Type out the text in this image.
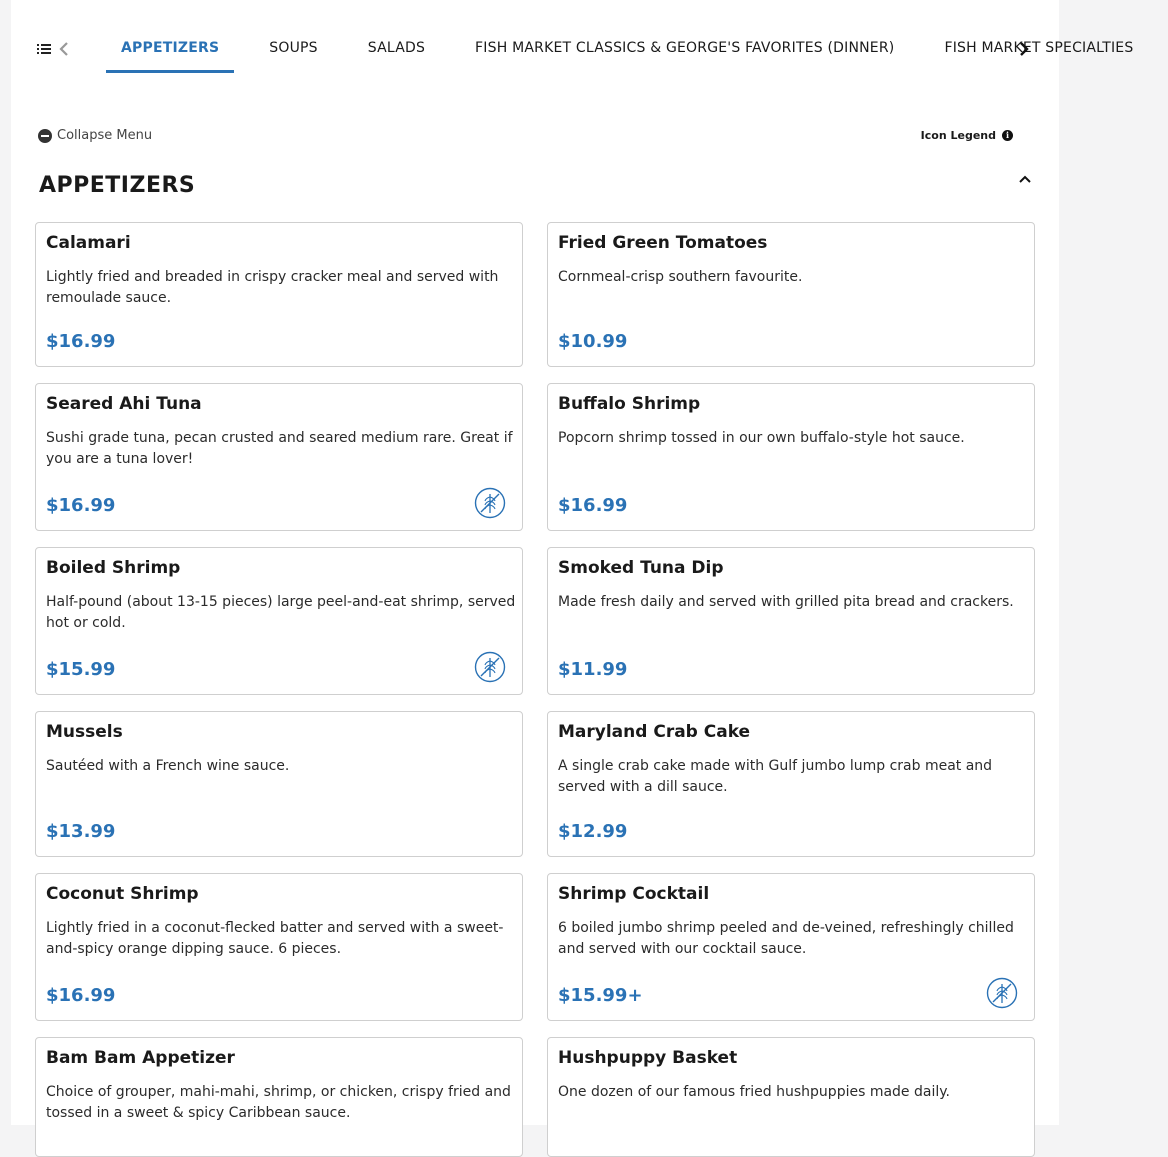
APPETIZERS	SOUPS	SALADS	FISH MARKET CLASSICS & GEORGE'S FAVORITES (DINNER)	FISH MARKET SPECIALTIES
Collapse Menu	Icon Legend	i
APPETIZERS
Calamari
Lightly fried and breaded in crispy cracker meal and served with remoulade sauce.
$16.99
Fried Green Tomatoes
Cornmeal-crisp southern favourite.
$10.99
Seared Ahi Tuna
Sushi grade tuna, pecan crusted and seared medium rare. Great if you are a tuna lover!
$16.99
Buffalo Shrimp
Popcorn shrimp tossed in our own buffalo-style hot sauce.
$16.99
Boiled Shrimp
Half-pound (about 13-15 pieces) large peel-and-eat shrimp, served hot or cold.
$15.99
Smoked Tuna Dip
Made fresh daily and served with grilled pita bread and crackers.
$11.99
Mussels
Sautéed with a French wine sauce.
$13.99
Maryland Crab Cake
A single crab cake made with Gulf jumbo lump crab meat and served with a dill sauce.
$12.99
Coconut Shrimp
Lightly fried in a coconut-flecked batter and served with a sweet-and-spicy orange dipping sauce. 6 pieces.
$16.99
Shrimp Cocktail
6 boiled jumbo shrimp peeled and de-veined, refreshingly chilled and served with our cocktail sauce.
$15.99+
Bam Bam Appetizer
Choice of grouper, mahi-mahi, shrimp, or chicken, crispy fried and tossed in a sweet & spicy Caribbean sauce.
Hushpuppy Basket
One dozen of our famous fried hushpuppies made daily.
